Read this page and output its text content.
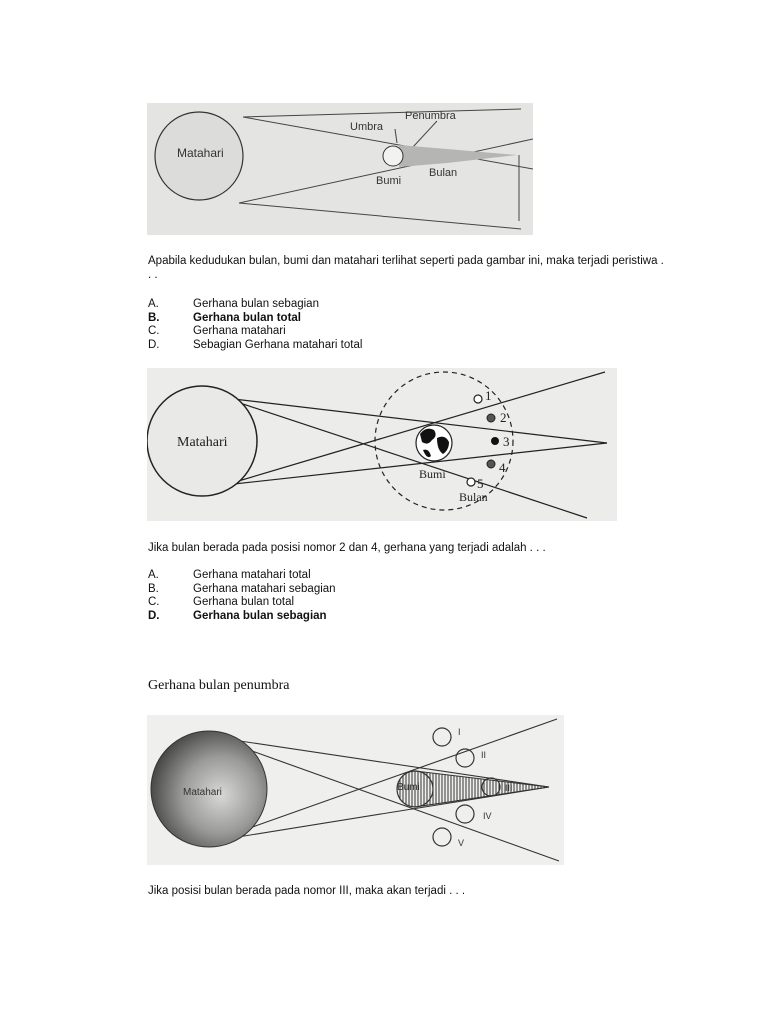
Matahari
Umbra
Penumbra
Bumi
Bulan
Apabila kedudukan bulan, bumi dan matahari terlihat seperti pada gambar ini, maka terjadi peristiwa . . .
A.	Gerhana bulan sebagian
B.	Gerhana bulan total
C.	Gerhana matahari
D.	Sebagian Gerhana matahari total
Matahari
Bumi
Bulan
1
2
3
4
5
Jika bulan berada pada posisi nomor 2 dan 4, gerhana yang terjadi adalah . . .
A.	Gerhana matahari total
B.	Gerhana matahari sebagian
C.	Gerhana bulan total
D.	Gerhana bulan sebagian
Gerhana bulan penumbra
Matahari	Bumi
I
II
III
IV
V
Jika posisi bulan berada pada nomor III, maka akan terjadi . . .
